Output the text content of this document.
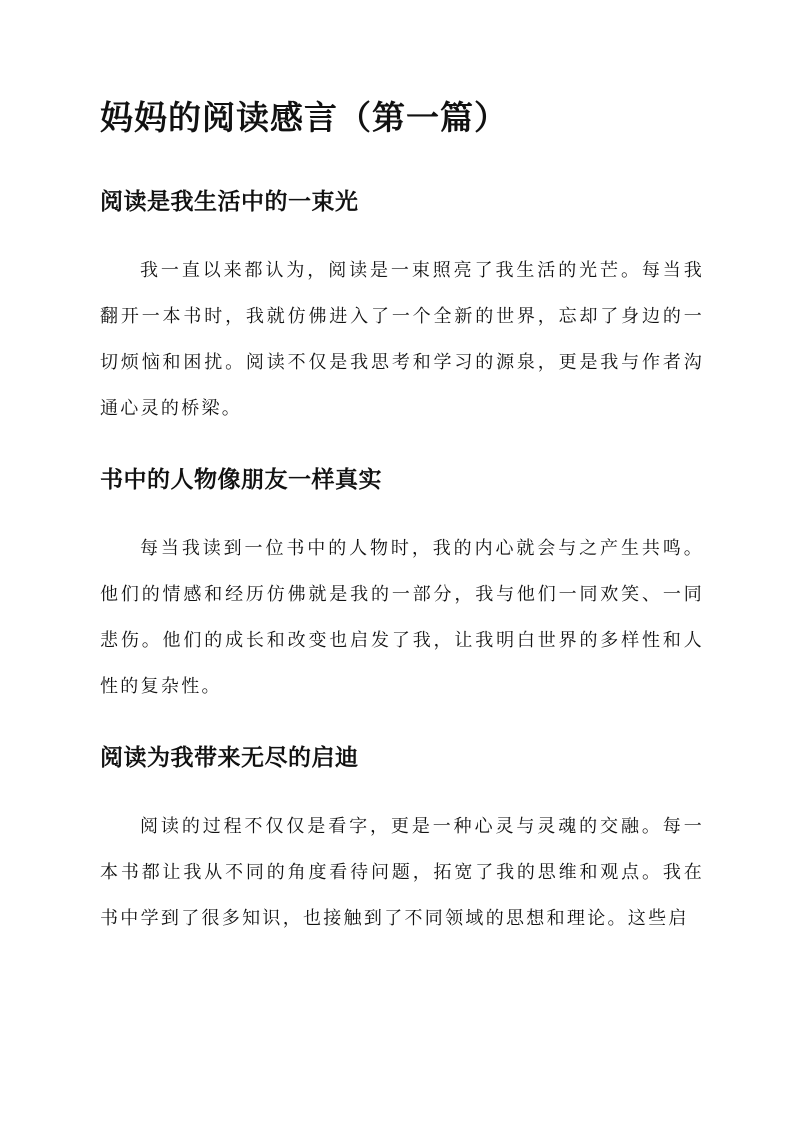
妈妈的阅读感言（第一篇）
阅读是我生活中的一束光

我一直以来都认为，阅读是一束照亮了我生活的光芒。每当我翻开一本书时，我就仿佛进入了一个全新的世界，忘却了身边的一切烦恼和困扰。阅读不仅是我思考和学习的源泉，更是我与作者沟通心灵的桥梁。

书中的人物像朋友一样真实

每当我读到一位书中的人物时，我的内心就会与之产生共鸣。他们的情感和经历仿佛就是我的一部分，我与他们一同欢笑、一同悲伤。他们的成长和改变也启发了我，让我明白世界的多样性和人性的复杂性。

阅读为我带来无尽的启迪

阅读的过程不仅仅是看字，更是一种心灵与灵魂的交融。每一本书都让我从不同的角度看待问题，拓宽了我的思维和观点。我在书中学到了很多知识，也接触到了不同领域的思想和理论。这些启
